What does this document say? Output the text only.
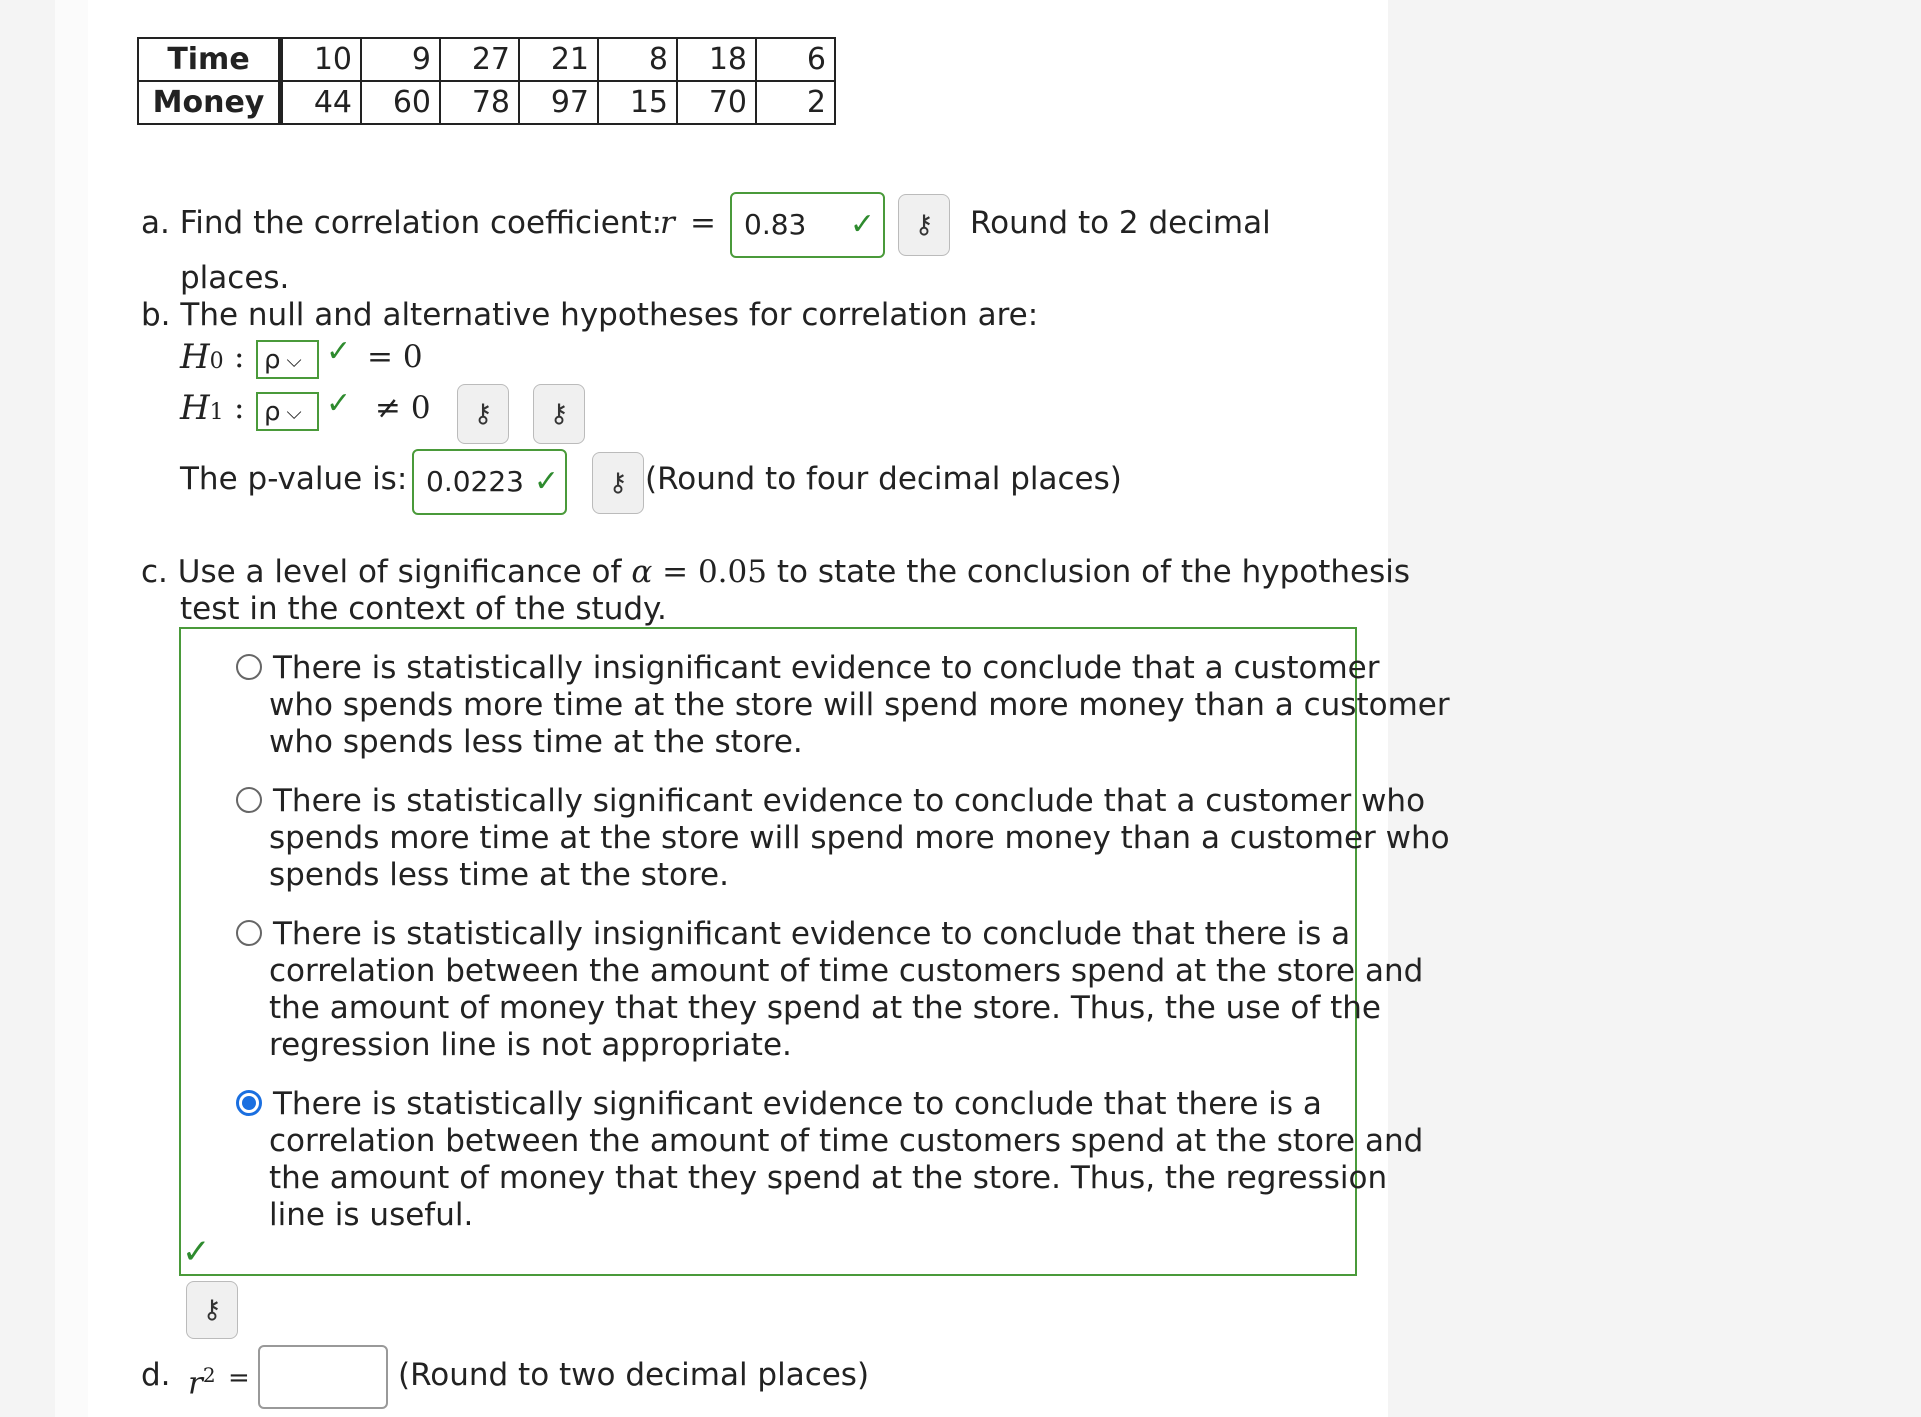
Time	10	9	27	21	8	18	6
Money	44	60	78	97	15	70	2
a. Find the correlation coefficient:
r = 0.83 ✓	⚷	Round to 2 decimal
places.
b. The null and alternative hypotheses for correlation are:
H0 : ρ ⌵ ✓ = 0
H1 : ρ ⌵ ✓ ≠ 0	⚷	⚷
The p-value is: 0.0223 ✓	⚷ (Round to four decimal places)
c. Use a level of significance of α = 0.05 to state the conclusion of the hypothesis
test in the context of the study.
There is statistically insignificant evidence to conclude that a customer
who spends more time at the store will spend more money than a customer
who spends less time at the store.
There is statistically significant evidence to conclude that a customer who
spends more time at the store will spend more money than a customer who
spends less time at the store.
There is statistically insignificant evidence to conclude that there is a
correlation between the amount of time customers spend at the store and
the amount of money that they spend at the store. Thus, the use of the
regression line is not appropriate.
There is statistically significant evidence to conclude that there is a
correlation between the amount of time customers spend at the store and
the amount of money that they spend at the store. Thus, the regression
line is useful.
✓
⚷
d. $r^2$ =	(Round to two decimal places)
